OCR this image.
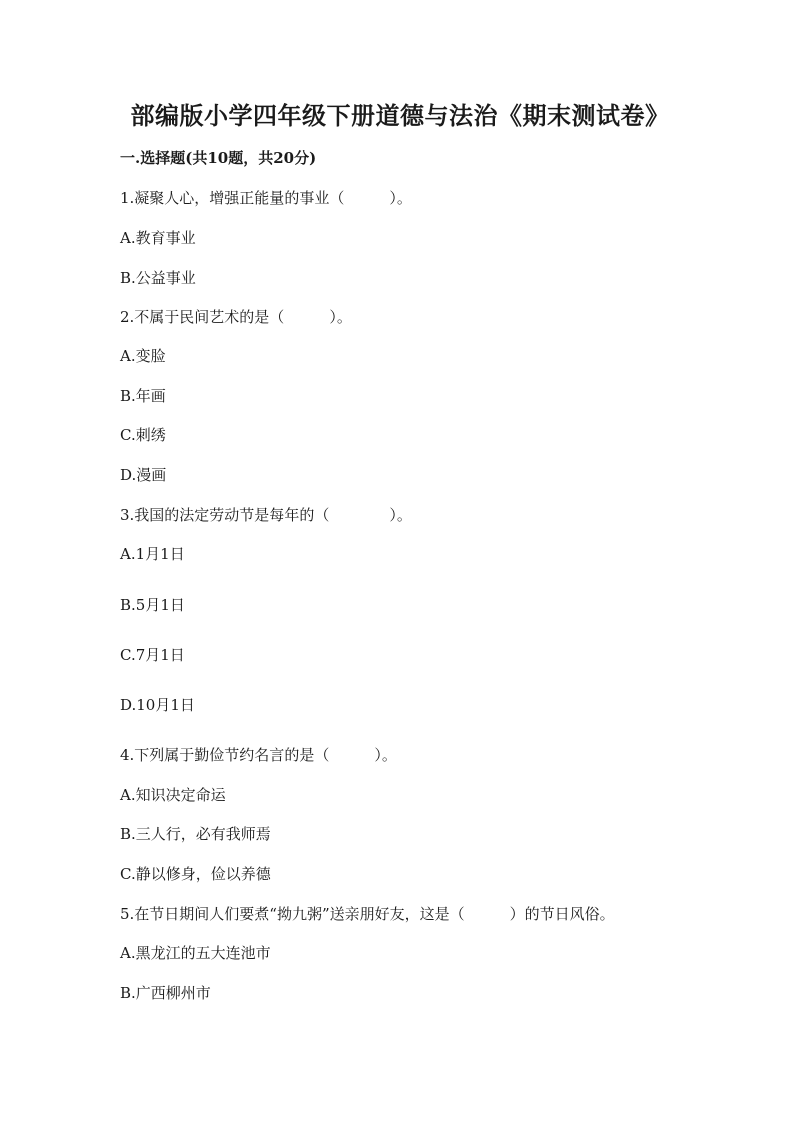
部编版小学四年级下册道德与法治《期末测试卷》
一.选择题(共10题，共20分)
1.凝聚人心，增强正能量的事业（　　　）。
A.教育事业
B.公益事业
2.不属于民间艺术的是（　　　）。
A.变脸
B.年画
C.刺绣
D.漫画
3.我国的法定劳动节是每年的（　　　　）。
A.1月1日
B.5月1日
C.7月1日
D.10月1日
4.下列属于勤俭节约名言的是（　　　）。
A.知识决定命运
B.三人行，必有我师焉
C.静以修身，俭以养德
5.在节日期间人们要煮“拗九粥”送亲朋好友，这是（　　　）的节日风俗。
A.黑龙江的五大连池市
B.广西柳州市
